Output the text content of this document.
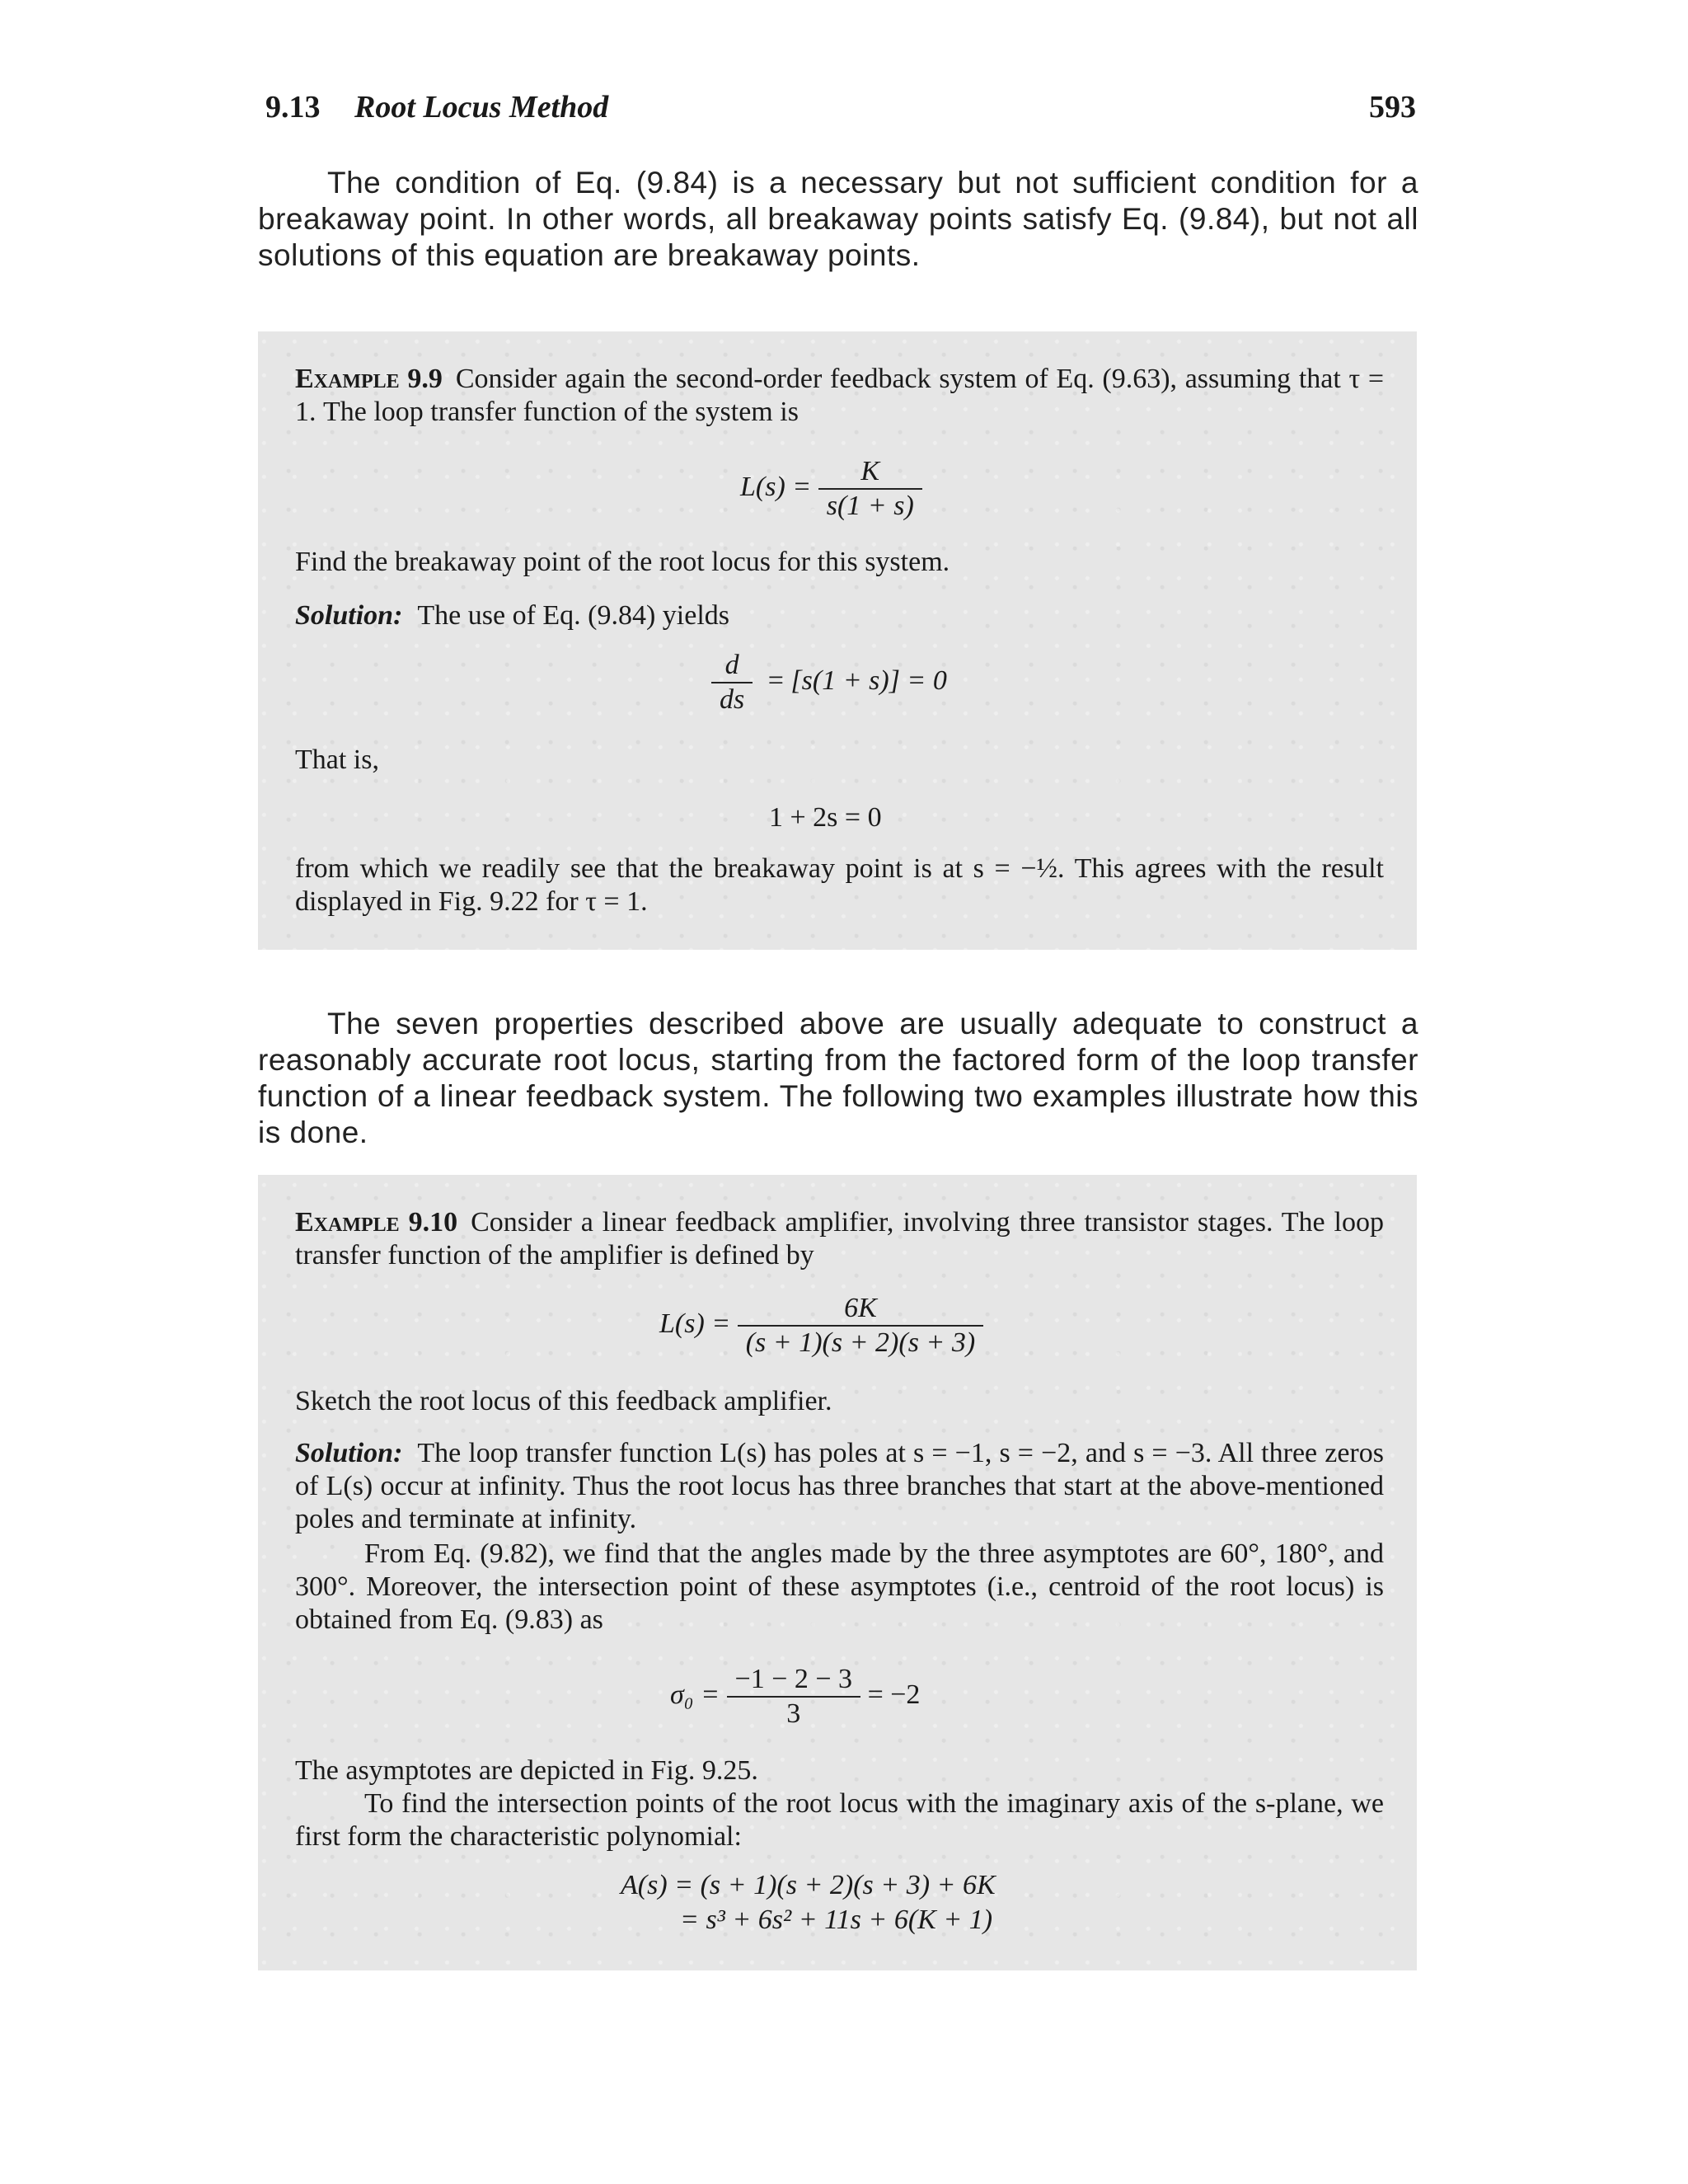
9.13 Root Locus Method	593
The condition of Eq. (9.84) is a necessary but not sufficient condition for a breakaway point. In other words, all breakaway points satisfy Eq. (9.84), but not all solutions of this equation are breakaway points.
Example 9.9 Consider again the second-order feedback system of Eq. (9.63), assuming that τ = 1. The loop transfer function of the system is
$L(s) = \frac{K}{s(1 + s)}$
Find the breakaway point of the root locus for this system.
Solution: The use of Eq. (9.84) yields
$\frac{d}{ds} = [s(1 + s)] = 0$
That is,
1 + 2s = 0
from which we readily see that the breakaway point is at s = −½. This agrees with the result displayed in Fig. 9.22 for τ = 1.
The seven properties described above are usually adequate to construct a reasonably accurate root locus, starting from the factored form of the loop transfer function of a linear feedback system. The following two examples illustrate how this is done.
Example 9.10 Consider a linear feedback amplifier, involving three transistor stages. The loop transfer function of the amplifier is defined by
$L(s) = \frac{6K}{(s + 1)(s + 2)(s + 3)}$
Sketch the root locus of this feedback amplifier.
Solution: The loop transfer function L(s) has poles at s = −1, s = −2, and s = −3. All three zeros of L(s) occur at infinity. Thus the root locus has three branches that start at the above-mentioned poles and terminate at infinity.
From Eq. (9.82), we find that the angles made by the three asymptotes are 60°, 180°, and 300°. Moreover, the intersection point of these asymptotes (i.e., centroid of the root locus) is obtained from Eq. (9.83) as
$\sigma_0 = \frac{-1 - 2 - 3}{3} = -2$
The asymptotes are depicted in Fig. 9.25.
To find the intersection points of the root locus with the imaginary axis of the s-plane, we first form the characteristic polynomial:
A(s) = (s + 1)(s + 2)(s + 3) + 6K
= s³ + 6s² + 11s + 6(K + 1)
